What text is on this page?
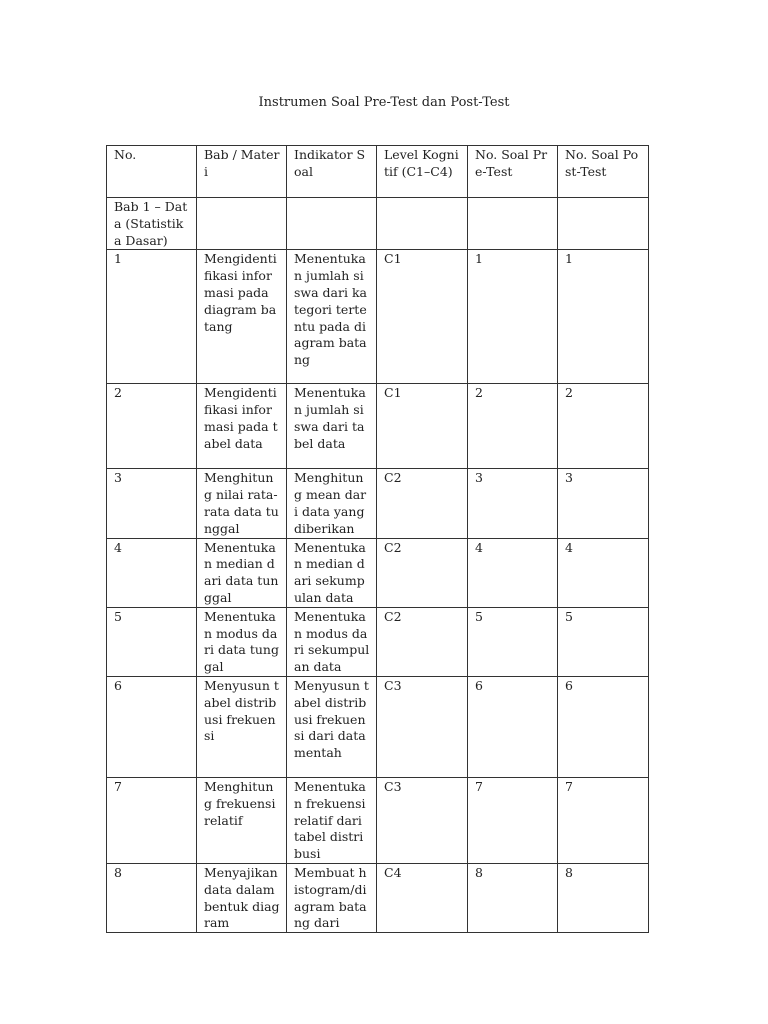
Instrumen Soal Pre-Test dan Post-Test
No.	Bab / Materi	Indikator Soal	Level Kognitif (C1–C4)	No. Soal Pre-Test	No. Soal Post-Test
Bab 1 – Data (Statistika Dasar)					
1	Mengidentifikasi informasi pada diagram batang	Menentukan jumlah siswa dari kategori tertentu pada diagram batang	C1	1	1
2	Mengidentifikasi informasi pada tabel data	Menentukan jumlah siswa dari tabel data	C1	2	2
3	Menghitung nilai rata-rata data tunggal	Menghitung mean dari data yang diberikan	C2	3	3
4	Menentukan median dari data tunggal	Menentukan median dari sekumpulan data	C2	4	4
5	Menentukan modus dari data tunggal	Menentukan modus dari sekumpulan data	C2	5	5
6	Menyusun tabel distribusi frekuensi	Menyusun tabel distribusi frekuensi dari data mentah	C3	6	6
7	Menghitung frekuensi relatif	Menentukan frekuensi relatif dari tabel distribusi	C3	7	7
8	Menyajikan data dalam bentuk diagram	Membuat histogram/diagram batang dari	C4	8	8
